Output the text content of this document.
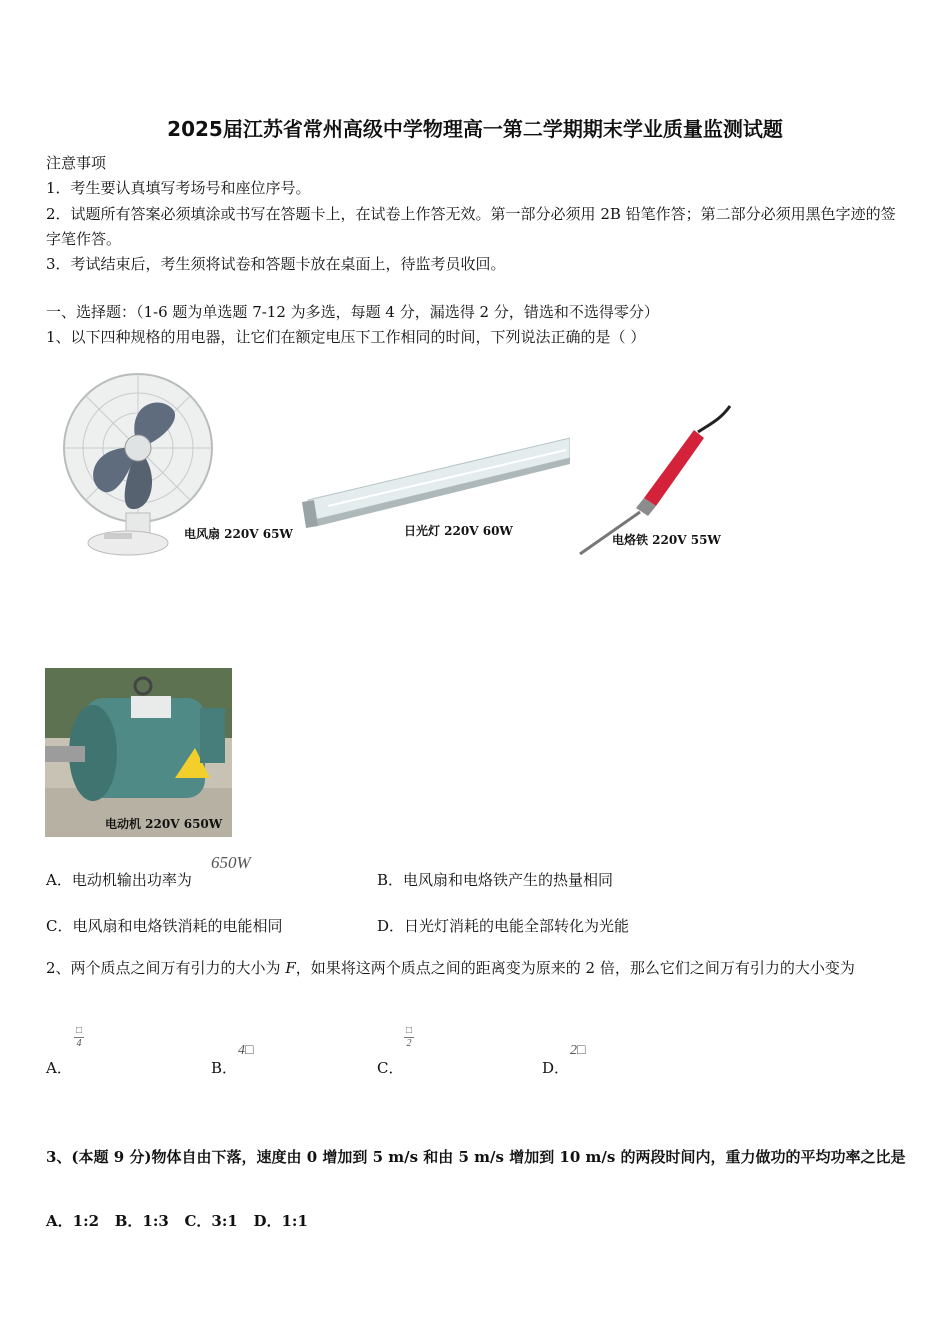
2025届江苏省常州高级中学物理高一第二学期期末学业质量监测试题
注意事项
1．考生要认真填写考场号和座位序号。
2．试题所有答案必须填涂或书写在答题卡上，在试卷上作答无效。第一部分必须用 2B 铅笔作答；第二部分必须用黑色字迹的签字笔作答。
3．考试结束后，考生须将试卷和答题卡放在桌面上，待监考员收回。
一、选择题：（1-6 题为单选题 7-12 为多选，每题 4 分，漏选得 2 分，错选和不选得零分）
1、以下四种规格的用电器，让它们在额定电压下工作相同的时间，下列说法正确的是（ ）
电风扇 220V 65W	日光灯 220V 60W
电烙铁 220V 55W
电动机 220V 650W
A．电动机输出功率为
650W
B．电风扇和电烙铁产生的热量相同
C．电风扇和电烙铁消耗的电能相同	D．日光灯消耗的电能全部转化为光能
2、两个质点之间万有引力的大小为 F，如果将这两个质点之间的距离变为原来的 2 倍，那么它们之间万有引力的大小变为
A．
□
4
B．
4□
C．
□
2
D．
2□
3、(本题 9 分)物体自由下落，速度由 0 增加到 5 m/s 和由 5 m/s 增加到 10 m/s 的两段时间内，重力做功的平均功率之比是
A．1:2   B．1:3   C．3:1   D．1:1
